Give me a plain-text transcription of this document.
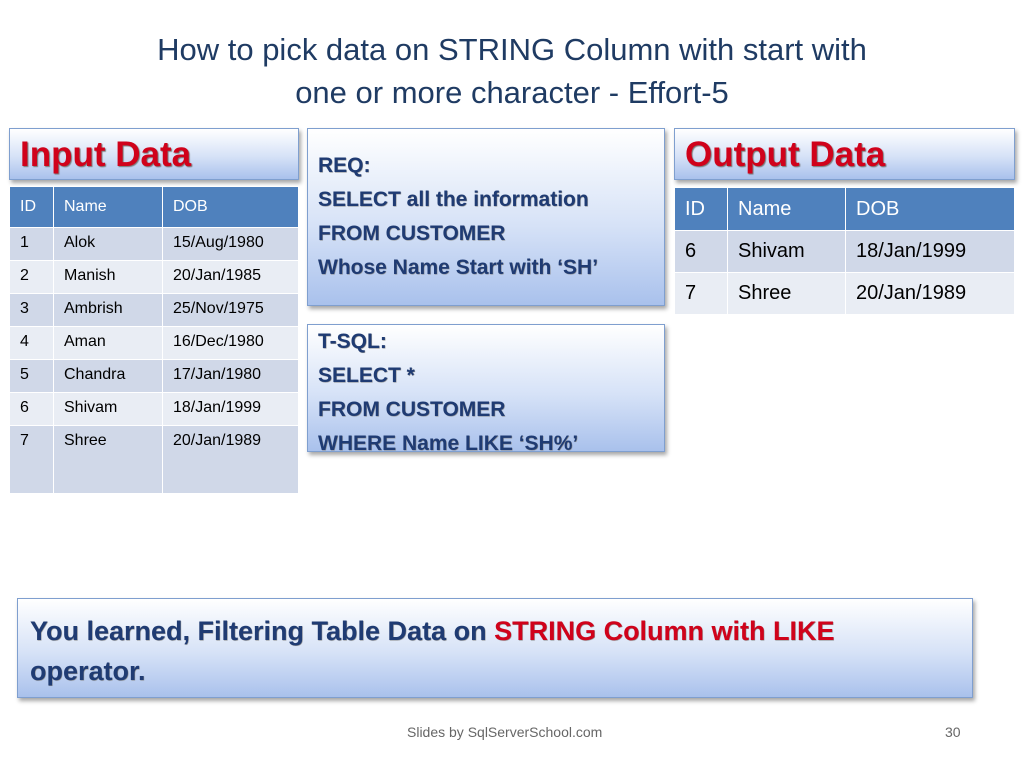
How to pick data on STRING Column with start with
one or more character - Effort-5
Input Data
ID	Name	DOB
1	Alok	15/Aug/1980
2	Manish	20/Jan/1985
3	Ambrish	25/Nov/1975
4	Aman	16/Dec/1980
5	Chandra	17/Jan/1980
6	Shivam	18/Jan/1999
7	Shree	20/Jan/1989
REQ:
SELECT all the information
FROM CUSTOMER
Whose Name Start with ‘SH’
T-SQL:
SELECT *
FROM CUSTOMER
WHERE Name LIKE ‘SH%’
Output Data
ID	Name	DOB
6	Shivam	18/Jan/1999
7	Shree	20/Jan/1989
You learned, Filtering Table Data on STRING Column with LIKE
operator.
Slides by SqlServerSchool.com	30
